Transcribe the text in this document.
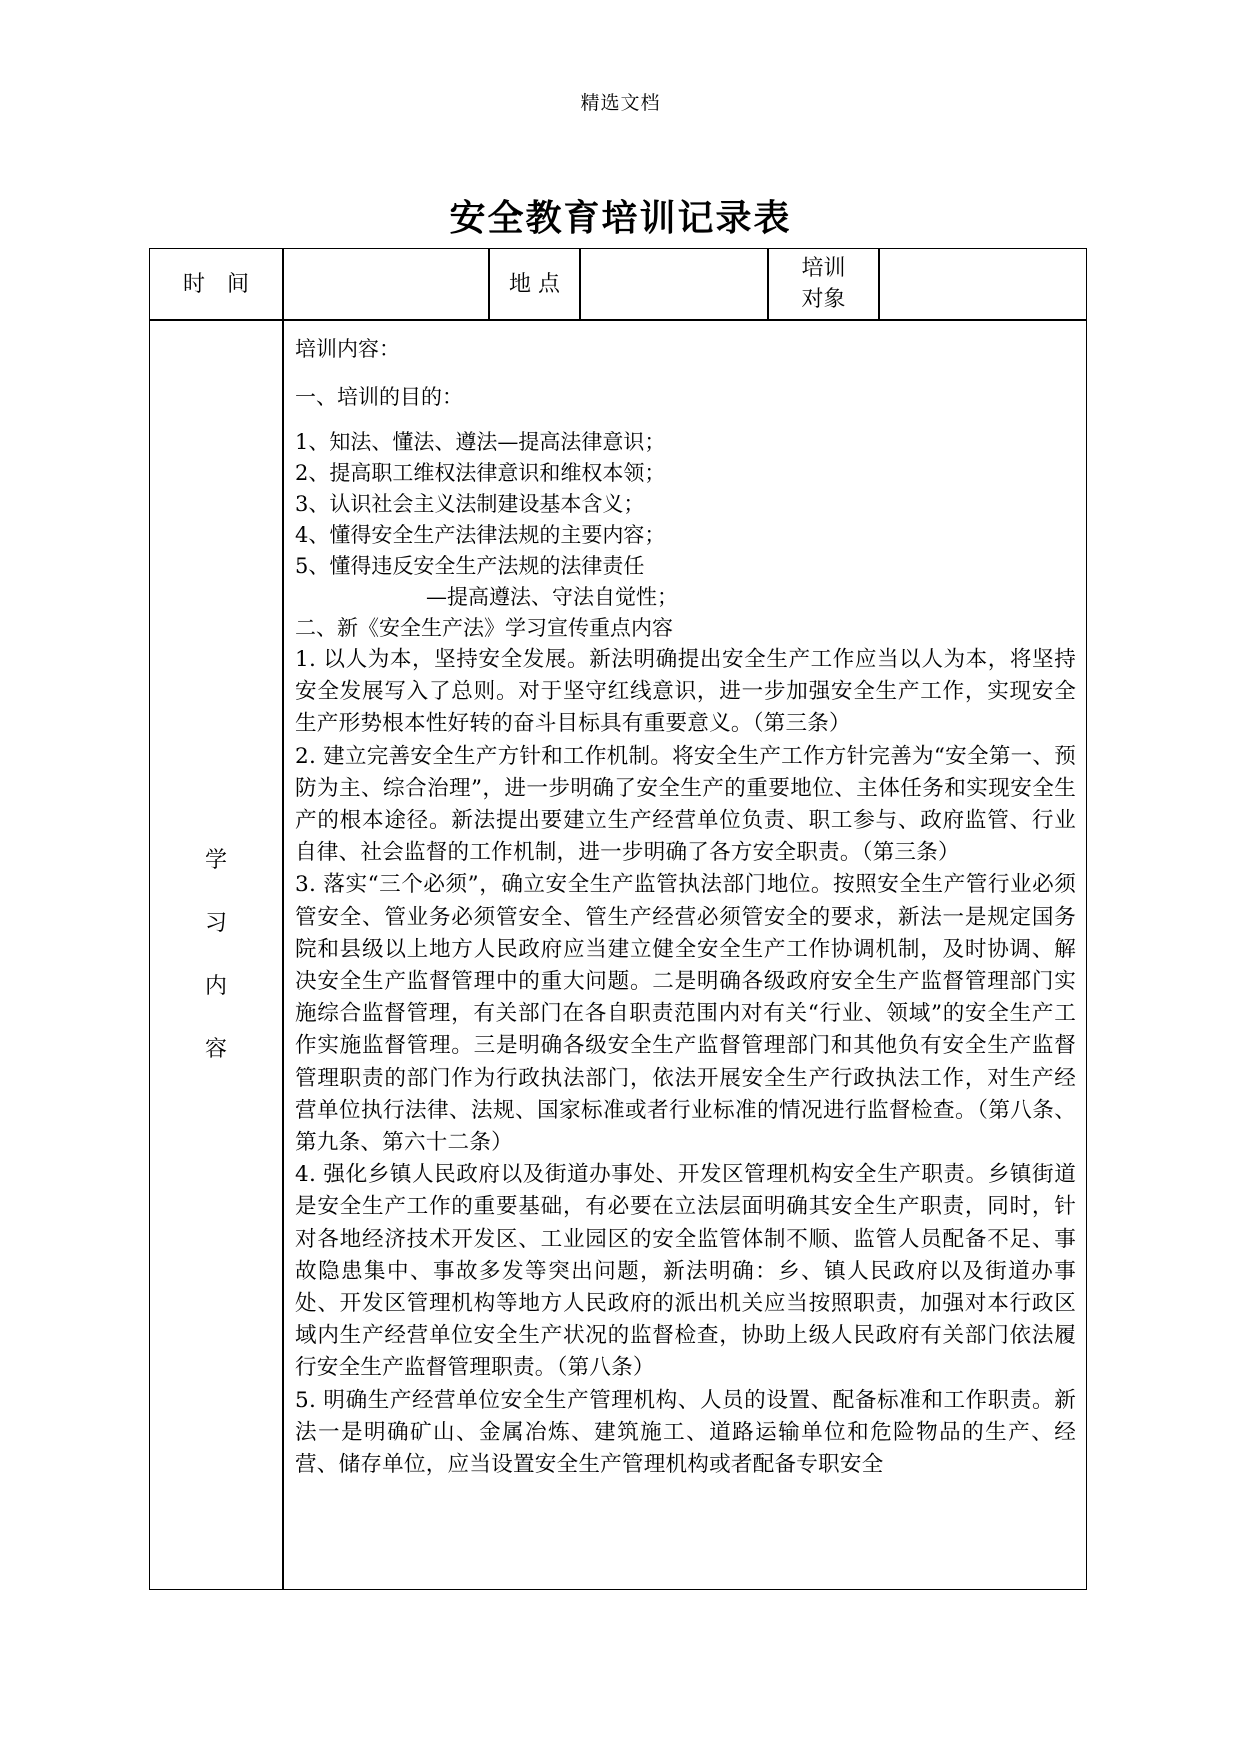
精选文档
安全教育培训记录表
时　间	地 点
培训
对象
学
习
内
容
培训内容：
一、培训的目的：
1、知法、懂法、遵法—提高法律意识；
2、提高职工维权法律意识和维权本领；
3、认识社会主义法制建设基本含义；
4、懂得安全生产法律法规的主要内容；
5、懂得违反安全生产法规的法律责任
—提高遵法、守法自觉性；
二、新《安全生产法》学习宣传重点内容
1. 以人为本，坚持安全发展。新法明确提出安全生产工作应当以人为本，将坚持安全发展写入了总则。对于坚守红线意识，进一步加强安全生产工作，实现安全生产形势根本性好转的奋斗目标具有重要意义。（第三条）
2. 建立完善安全生产方针和工作机制。将安全生产工作方针完善为“安全第一、预防为主、综合治理”，进一步明确了安全生产的重要地位、主体任务和实现安全生产的根本途径。新法提出要建立生产经营单位负责、职工参与、政府监管、行业自律、社会监督的工作机制，进一步明确了各方安全职责。（第三条）
3. 落实“三个必须”，确立安全生产监管执法部门地位。按照安全生产管行业必须管安全、管业务必须管安全、管生产经营必须管安全的要求，新法一是规定国务院和县级以上地方人民政府应当建立健全安全生产工作协调机制，及时协调、解决安全生产监督管理中的重大问题。二是明确各级政府安全生产监督管理部门实施综合监督管理，有关部门在各自职责范围内对有关“行业、领域”的安全生产工作实施监督管理。三是明确各级安全生产监督管理部门和其他负有安全生产监督管理职责的部门作为行政执法部门，依法开展安全生产行政执法工作，对生产经营单位执行法律、法规、国家标准或者行业标准的情况进行监督检查。（第八条、第九条、第六十二条）
4. 强化乡镇人民政府以及街道办事处、开发区管理机构安全生产职责。乡镇街道是安全生产工作的重要基础，有必要在立法层面明确其安全生产职责，同时，针对各地经济技术开发区、工业园区的安全监管体制不顺、监管人员配备不足、事故隐患集中、事故多发等突出问题，新法明确：乡、镇人民政府以及街道办事处、开发区管理机构等地方人民政府的派出机关应当按照职责，加强对本行政区域内生产经营单位安全生产状况的监督检查，协助上级人民政府有关部门依法履行安全生产监督管理职责。（第八条）
5. 明确生产经营单位安全生产管理机构、人员的设置、配备标准和工作职责。新法一是明确矿山、金属冶炼、建筑施工、道路运输单位和危险物品的生产、经营、储存单位，应当设置安全生产管理机构或者配备专职安全
